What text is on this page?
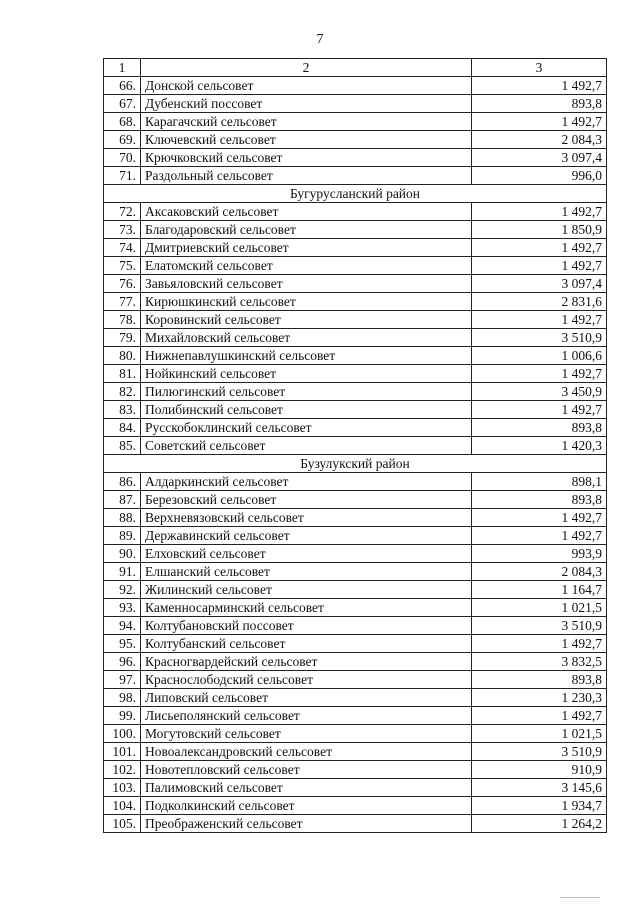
7
1	2	3
66.	Донской сельсовет	1 492,7
67.	Дубенский поссовет	893,8
68.	Карагачский сельсовет	1 492,7
69.	Ключевский сельсовет	2 084,3
70.	Крючковский сельсовет	3 097,4
71.	Раздольный сельсовет	996,0
Бугурусланский район		
72.	Аксаковский сельсовет	1 492,7
73.	Благодаровский сельсовет	1 850,9
74.	Дмитриевский сельсовет	1 492,7
75.	Елатомский сельсовет	1 492,7
76.	Завьяловский сельсовет	3 097,4
77.	Кирюшкинский сельсовет	2 831,6
78.	Коровинский сельсовет	1 492,7
79.	Михайловский сельсовет	3 510,9
80.	Нижнепавлушкинский сельсовет	1 006,6
81.	Нойкинский сельсовет	1 492,7
82.	Пилюгинский сельсовет	3 450,9
83.	Полибинский сельсовет	1 492,7
84.	Русскобоклинский сельсовет	893,8
85.	Советский сельсовет	1 420,3
Бузулукский район		
86.	Алдаркинский сельсовет	898,1
87.	Березовский сельсовет	893,8
88.	Верхневязовский сельсовет	1 492,7
89.	Державинский сельсовет	1 492,7
90.	Елховский сельсовет	993,9
91.	Елшанский сельсовет	2 084,3
92.	Жилинский сельсовет	1 164,7
93.	Каменносарминский сельсовет	1 021,5
94.	Колтубановский поссовет	3 510,9
95.	Колтубанский сельсовет	1 492,7
96.	Красногвардейский сельсовет	3 832,5
97.	Краснослободский сельсовет	893,8
98.	Липовский сельсовет	1 230,3
99.	Лисьеполянский сельсовет	1 492,7
100.	Могутовский сельсовет	1 021,5
101.	Новоалександровский сельсовет	3 510,9
102.	Новотепловский сельсовет	910,9
103.	Палимовский сельсовет	3 145,6
104.	Подколкинский сельсовет	1 934,7
105.	Преображенский сельсовет	1 264,2
